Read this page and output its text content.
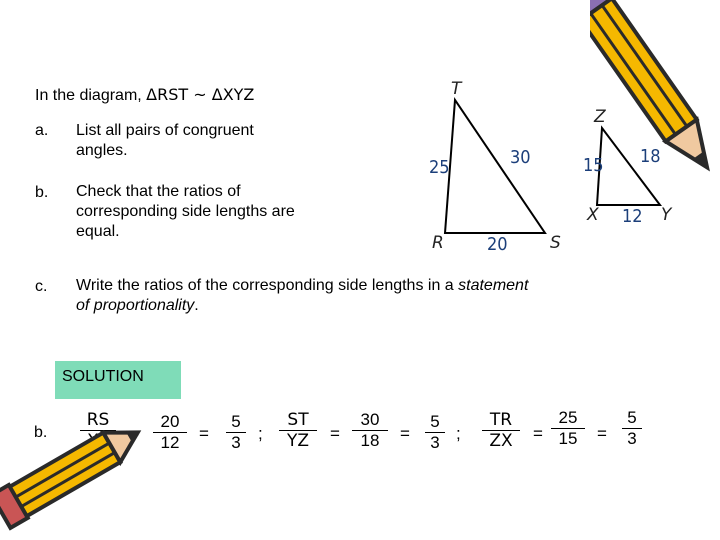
In the diagram, ΔRST ~ ΔXYZ
a. List all pairs of congruent
angles.
b. Check that the ratios of
corresponding side lengths are
equal.
c. Write the ratios of the corresponding side lengths in a statement
of proportionality.
T
R	S
Z
X	Y
25	30
20
15 18
12
SOLUTION
b.
RS	$\frac{20}{12} = \frac{5}{3}$ ; $\frac{ST}{YZ} = \frac{30}{18} = \frac{5}{3}$ ; $\frac{TR}{ZX} = \frac{25}{15} = \frac{5}{3}$
